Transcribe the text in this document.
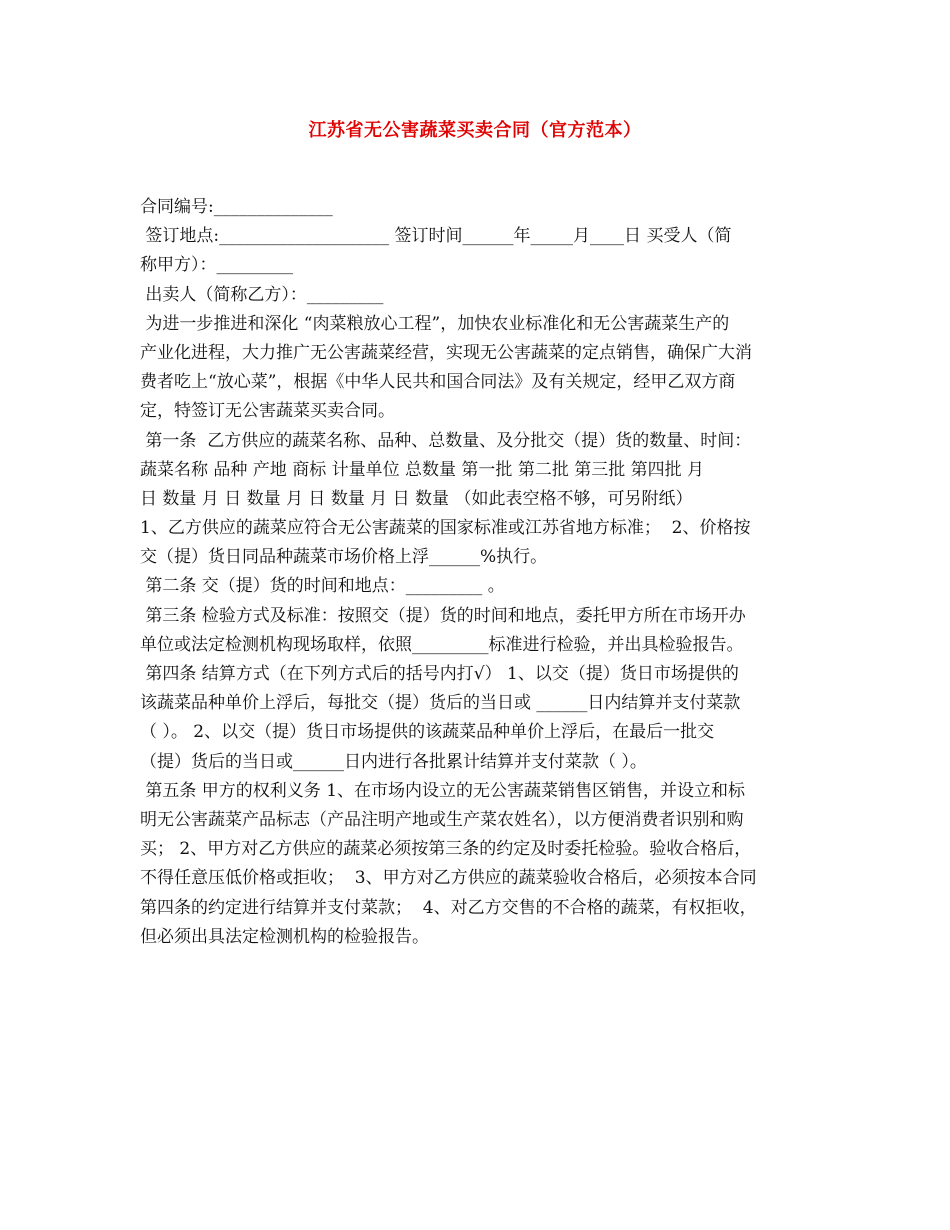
江苏省无公害蔬菜买卖合同（官方范本）
合同编号:______________
签订地点:____________________ 签订时间______年_____月____日 买受人（简
称甲方）：_________
出卖人（简称乙方）：_________
为进一步推进和深化 “肉菜粮放心工程”，加快农业标准化和无公害蔬菜生产的
产业化进程，大力推广无公害蔬菜经营，实现无公害蔬菜的定点销售，确保广大消
费者吃上“放心菜”，根据《中华人民共和国合同法》及有关规定，经甲乙双方商
定，特签订无公害蔬菜买卖合同。
第一条  乙方供应的蔬菜名称、品种、总数量、及分批交（提）货的数量、时间：
蔬菜名称 品种 产地 商标 计量单位 总数量 第一批 第二批 第三批 第四批 月
日 数量 月 日 数量 月 日 数量 月 日 数量 （如此表空格不够，可另附纸）
1、乙方供应的蔬菜应符合无公害蔬菜的国家标准或江苏省地方标准；  2、价格按
交（提）货日同品种蔬菜市场价格上浮______%执行。
第二条 交（提）货的时间和地点：_________ 。
第三条 检验方式及标准：按照交（提）货的时间和地点，委托甲方所在市场开办
单位或法定检测机构现场取样，依照_________标准进行检验，并出具检验报告。
第四条 结算方式（在下列方式后的括号内打√） 1、以交（提）货日市场提供的
该蔬菜品种单价上浮后，每批交（提）货后的当日或 ______日内结算并支付菜款
（ ）。 2、以交（提）货日市场提供的该蔬菜品种单价上浮后，在最后一批交
（提）货后的当日或______日内进行各批累计结算并支付菜款（ ）。
第五条 甲方的权利义务 1、在市场内设立的无公害蔬菜销售区销售，并设立和标
明无公害蔬菜产品标志（产品注明产地或生产菜农姓名），以方便消费者识别和购
买； 2、甲方对乙方供应的蔬菜必须按第三条的约定及时委托检验。验收合格后，
不得任意压低价格或拒收；  3、甲方对乙方供应的蔬菜验收合格后，必须按本合同
第四条的约定进行结算并支付菜款；  4、对乙方交售的不合格的蔬菜，有权拒收，
但必须出具法定检测机构的检验报告。
